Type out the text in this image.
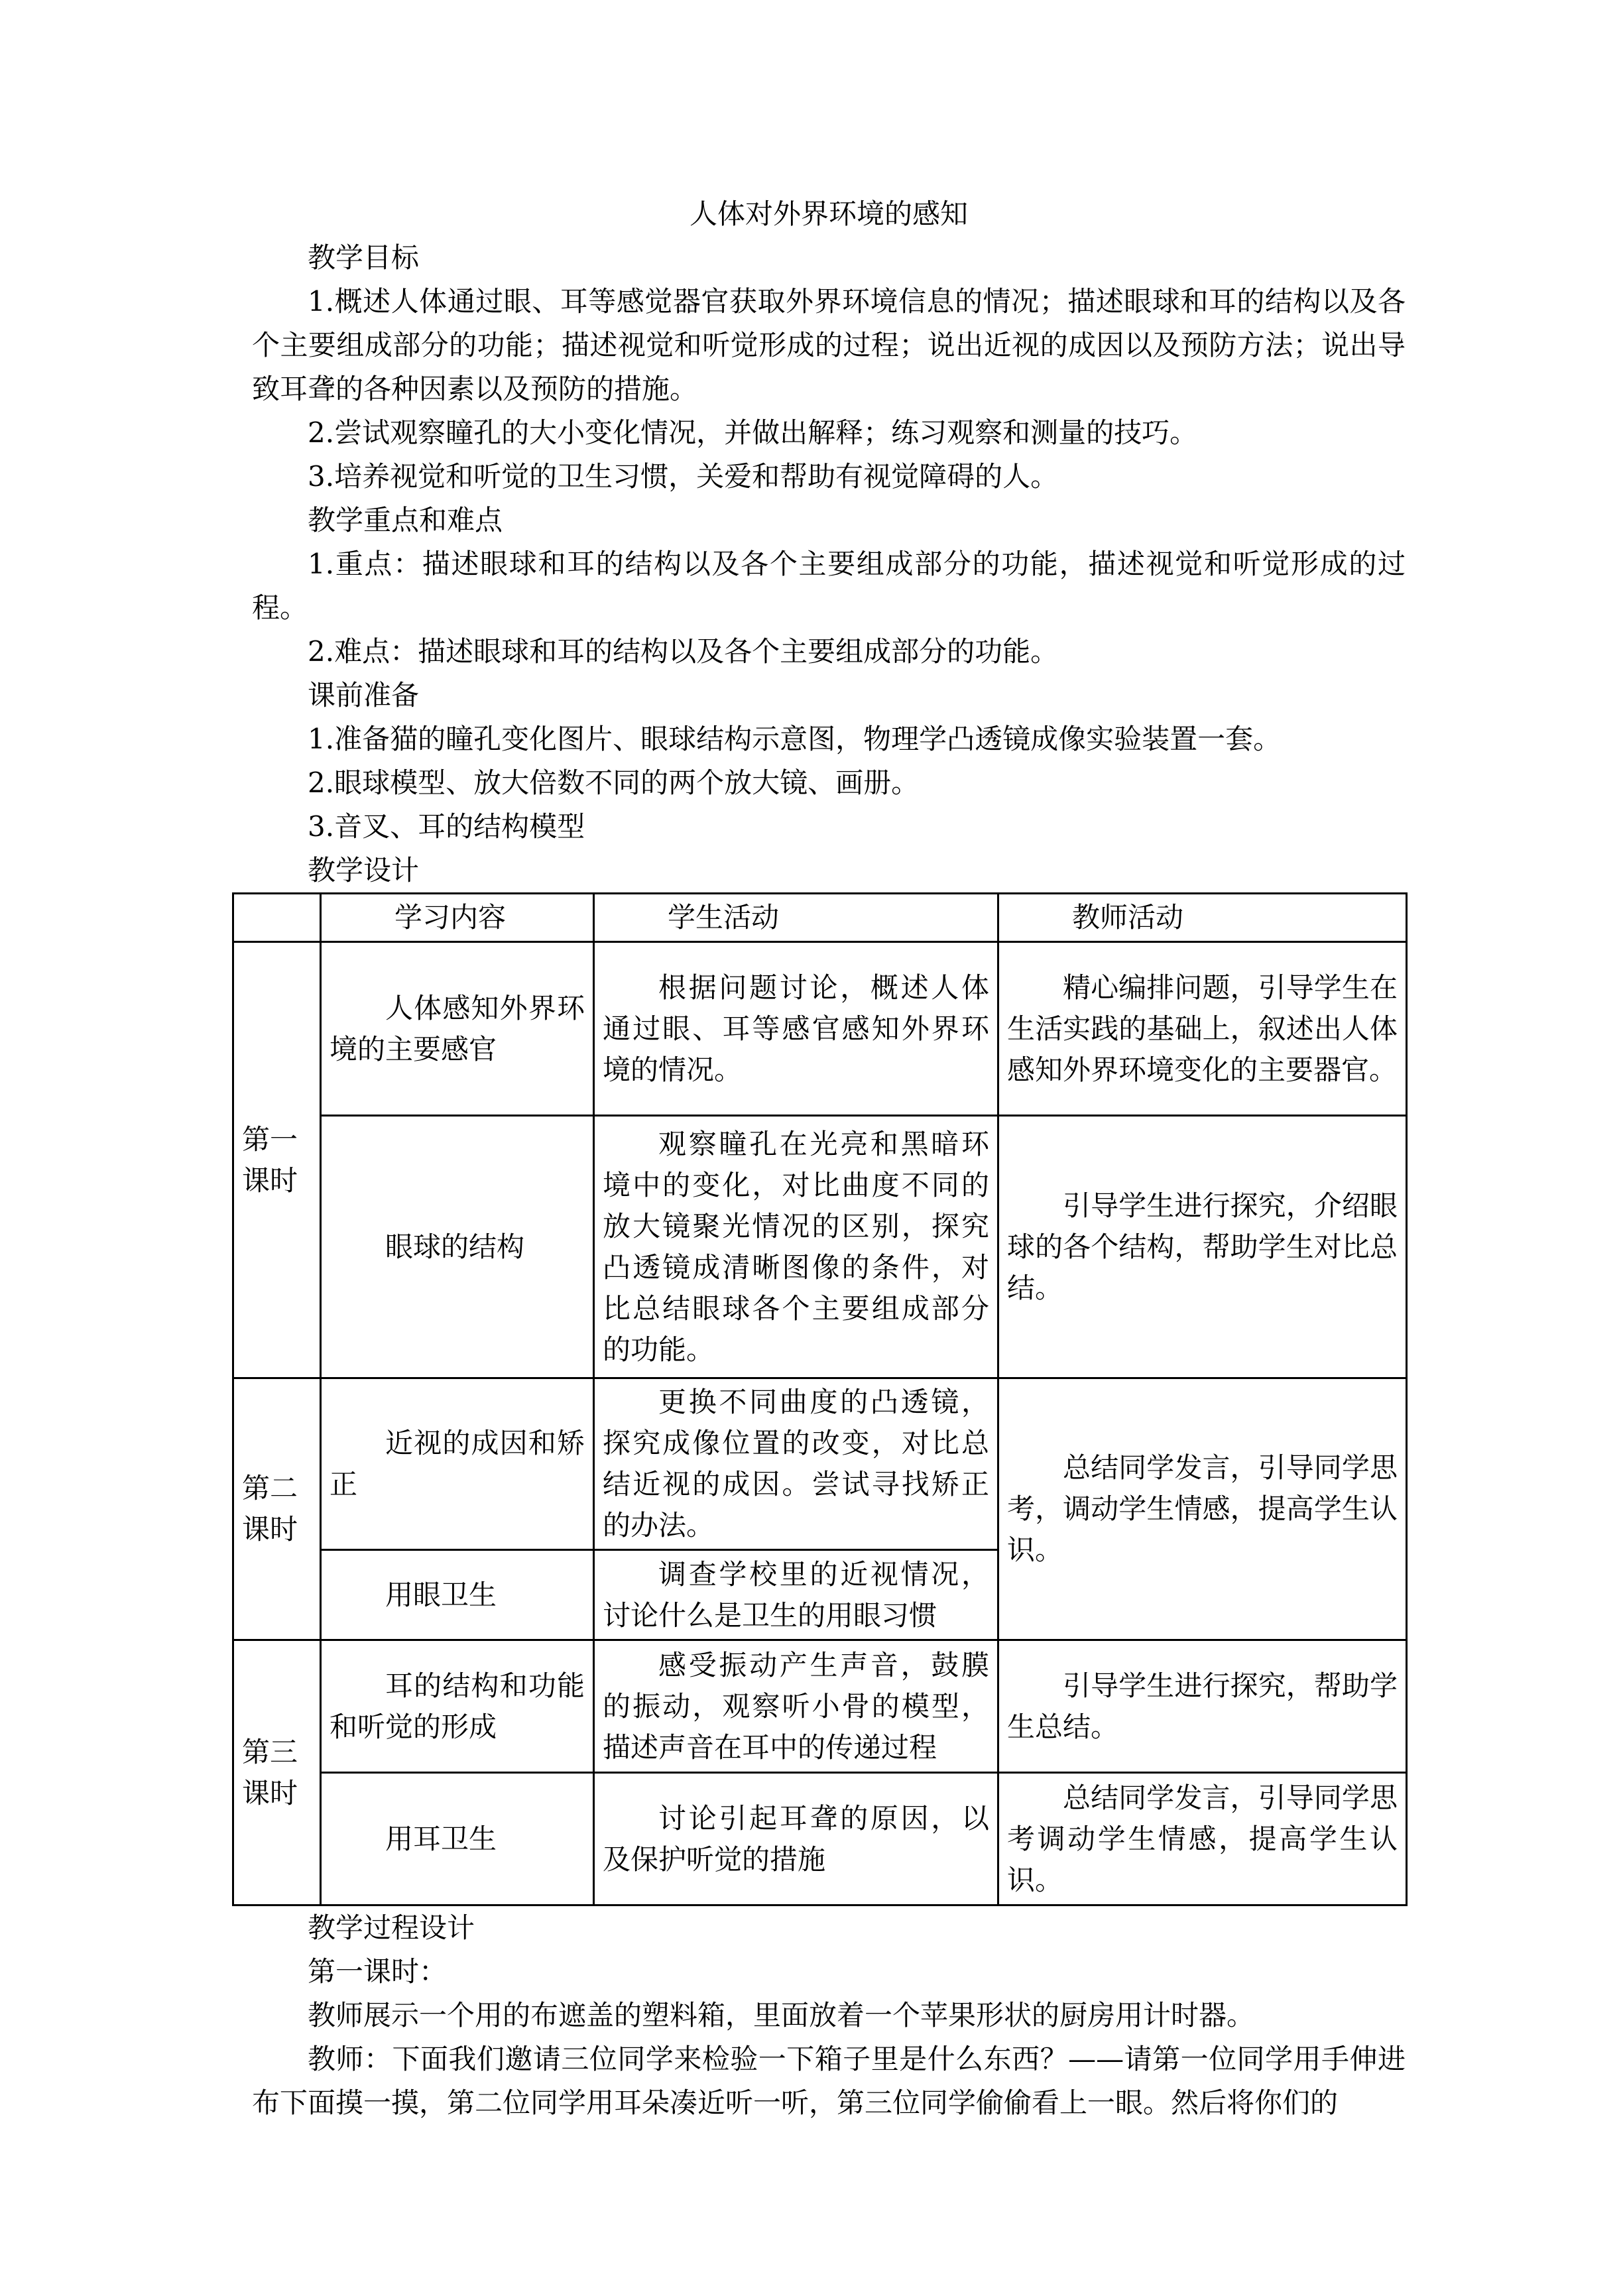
人体对外界环境的感知

教学目标

1.概述人体通过眼、耳等感觉器官获取外界环境信息的情况；描述眼球和耳的结构以及各个主要组成部分的功能；描述视觉和听觉形成的过程；说出近视的成因以及预防方法；说出导致耳聋的各种因素以及预防的措施。

2.尝试观察瞳孔的大小变化情况，并做出解释；练习观察和测量的技巧。

3.培养视觉和听觉的卫生习惯，关爱和帮助有视觉障碍的人。

教学重点和难点

1.重点：描述眼球和耳的结构以及各个主要组成部分的功能，描述视觉和听觉形成的过程。

2.难点：描述眼球和耳的结构以及各个主要组成部分的功能。

课前准备

1.准备猫的瞳孔变化图片、眼球结构示意图，物理学凸透镜成像实验装置一套。

2.眼球模型、放大倍数不同的两个放大镜、画册。

3.音叉、耳的结构模型

教学设计

	学习内容	学生活动	教师活动
第一课时	人体感知外界环境的主要感官	根据问题讨论，概述人体通过眼、耳等感官感知外界环境的情况。	精心编排问题，引导学生在生活实践的基础上，叙述出人体感知外界环境变化的主要器官。
	眼球的结构	观察瞳孔在光亮和黑暗环境中的变化，对比曲度不同的放大镜聚光情况的区别，探究凸透镜成清晰图像的条件，对比总结眼球各个主要组成部分的功能。	引导学生进行探究，介绍眼球的各个结构，帮助学生对比总结。
第二课时	近视的成因和矫正	更换不同曲度的凸透镜，探究成像位置的改变，对比总结近视的成因。尝试寻找矫正的办法。	总结同学发言，引导同学思考，调动学生情感，提高学生认识。
	用眼卫生	调查学校里的近视情况，讨论什么是卫生的用眼习惯	
第三课时	耳的结构和功能和听觉的形成	感受振动产生声音，鼓膜的振动，观察听小骨的模型，描述声音在耳中的传递过程	引导学生进行探究，帮助学生总结。
	用耳卫生	讨论引起耳聋的原因，以及保护听觉的措施	总结同学发言，引导同学思考调动学生情感，提高学生认识。

教学过程设计

第一课时：

教师展示一个用的布遮盖的塑料箱，里面放着一个苹果形状的厨房用计时器。

教师：下面我们邀请三位同学来检验一下箱子里是什么东西？——请第一位同学用手伸进布下面摸一摸，第二位同学用耳朵凑近听一听，第三位同学偷偷看上一眼。然后将你们的
